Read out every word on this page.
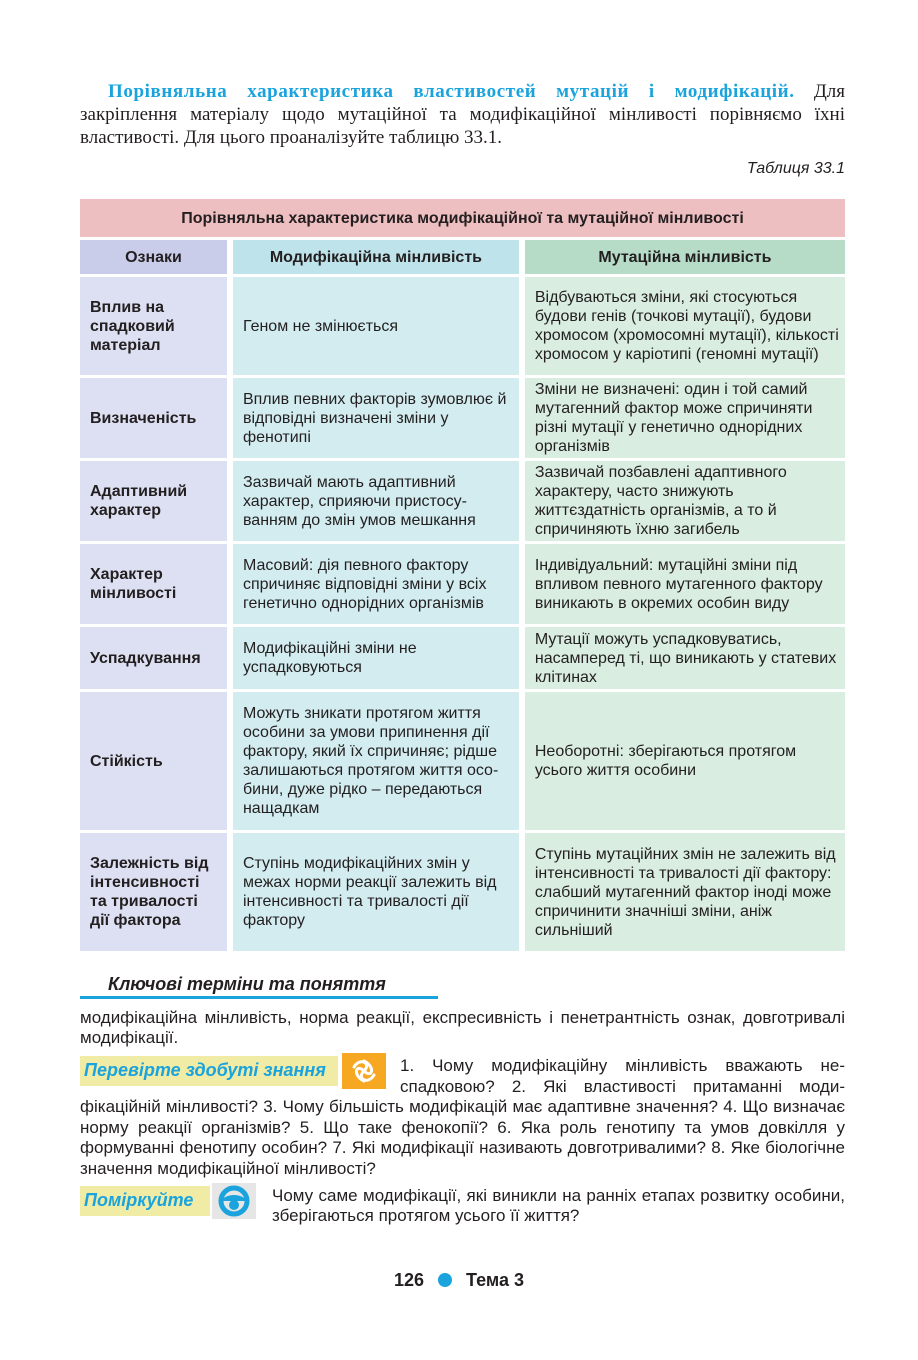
Порівняльна характеристика властивостей мутацій і модифікацій. Для закріплення матеріалу щодо мутаційної та модифікаційної мінливості порівняємо їхні властивості. Для цього проаналізуйте таблицю 33.1.

Таблиця 33.1
Порівняльна характеристика модифікаційної та мутаційної мінливості		
Ознаки	Модифікаційна мінливість	Мутаційна мінливість
Вплив на спадковий матеріал	Геном не змінюється	Відбуваються зміни, які стосуються будови генів (точкові мутації), будови хромосом (хромосомні мутації), кількості хромосом у каріотипі (геномні мутації)
Визначеність	Вплив певних факторів зумовлює й відповідні визначені зміни у фенотипі	Зміни не визначені: один і той самий мутагенний фактор може спричиняти різні мутації у генетично однорідних організмів
Адаптивний характер	Зазвичай мають адаптивний характер, сприяючи пристосуванням до змін умов мешкання	Зазвичай позбавлені адаптивного характеру, часто знижують життєздатність організмів, а то й спричиняють їхню загибель
Характер мінливості	Масовий: дія певного фактору спричиняє відповідні зміни у всіх генетично однорідних організмів	Індивідуальний: мутаційні зміни під впливом певного мутагенного фактору виникають в окремих особин виду
Успадкування	Модифікаційні зміни не успадковуються	Мутації можуть успадковуватись, насамперед ті, що виникають у статевих клітинах
Стійкість	Можуть зникати протягом життя особини за умови припинення дії фактору, який їх спричиняє; рідше залишаються протягом життя особини, дуже рідко – передаються нащадкам	Необоротні: зберігаються протягом усього життя особини
Залежність від інтенсивності та тривалості дії фактора	Ступінь модифікаційних змін у межах норми реакції залежить від інтенсивності та тривалості дії фактору	Ступінь мутаційних змін не залежить від інтенсивності та тривалості дії фактору: слабший мутагенний фактор іноді може спричинити значніші зміни, аніж сильніший
Ключові терміни та поняття

модифікаційна мінливість, норма реакції, експресивність і пенетрантність ознак, довготривалі модифікації.

1. Чому модифікаційну мінливість вважають неспадковою? 2. Які властивості притаманні модифікаційній мінливості? 3. Чому більшість модифікацій має адаптивне значення? 4. Що визначає норму реакції організмів? 5. Що таке фенокопії? 6. Яка роль генотипу та умов довкілля у формуванні фенотипу особин? 7. Які модифікації називають довготривалими? 8. Яке біологічне значення модифікаційної мінливості?

Перевірте здобуті знання
Поміркуйте	Чому саме модифікації, які виникли на ранніх етапах розвитку особини, зберігаються протягом усього її життя?

126 Тема 3
